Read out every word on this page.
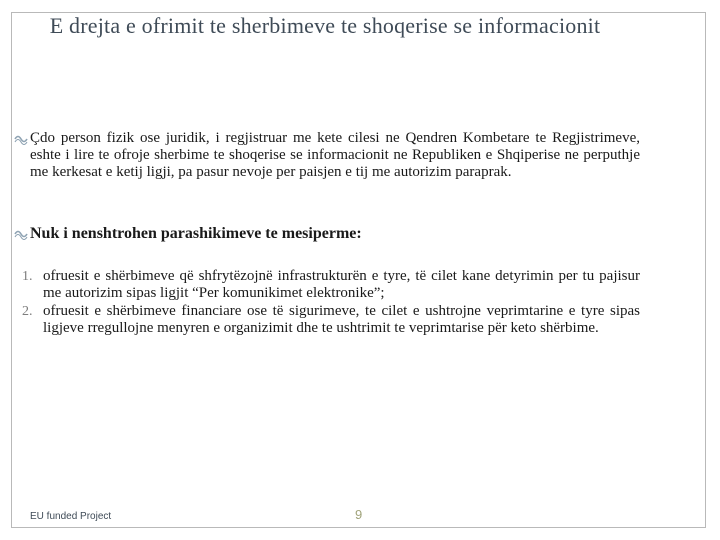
E drejta e ofrimit te sherbimeve te shoqerise se informacionit
Çdo person fizik ose juridik, i regjistruar me kete cilesi ne Qendren Kombetare te Regjistrimeve, eshte i lire te ofroje sherbime te shoqerise se informacionit ne Republiken e Shqiperise ne perputhje me kerkesat e ketij ligji, pa pasur nevoje per paisjen e tij me autorizim paraprak.
Nuk i nenshtrohen parashikimeve te mesiperme:
1. ofruesit e shërbimeve që shfrytëzojnë infrastrukturën e tyre, të cilet kane detyrimin per tu pajisur me autorizim sipas ligjit “Per komunikimet elektronike”;
2. ofruesit e shërbimeve financiare ose të sigurimeve, te cilet e ushtrojne veprimtarine e tyre sipas ligjeve rregullojne menyren e organizimit dhe te ushtrimit te veprimtarise për keto shërbime.
EU funded Project	9
